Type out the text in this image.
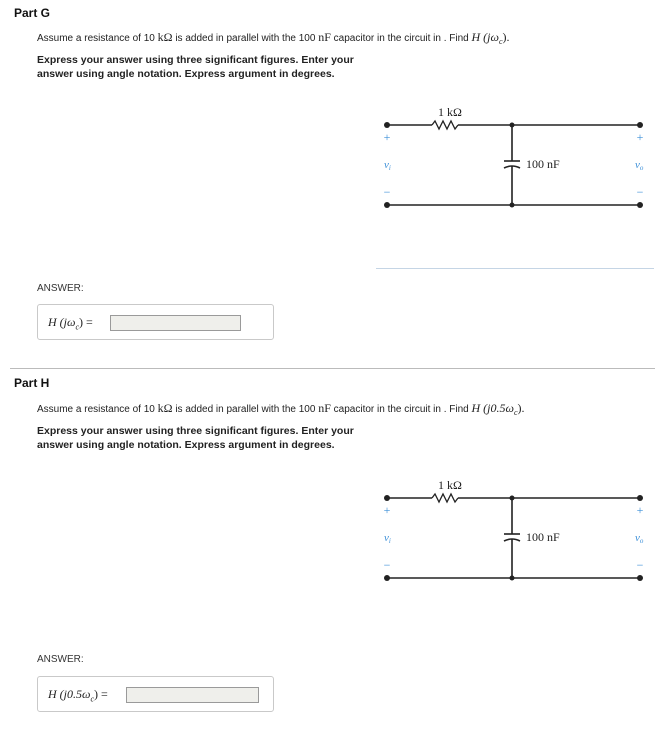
Part G
Assume a resistance of 10 kΩ is added in parallel with the 100 nF capacitor in the circuit in . Find H $(j\omega_c)$.
Express your answer using three significant figures. Enter your answer using angle notation. Express argument in degrees.
1 kΩ
100 nF
+
vi
−
+
vo
−
ANSWER:
H $(j\omega_c)$ =
Part H
Assume a resistance of 10 kΩ is added in parallel with the 100 nF capacitor in the circuit in . Find H $(j0.5\omega_c)$.
Express your answer using three significant figures. Enter your answer using angle notation. Express argument in degrees.
1 kΩ
100 nF
+
vi
−
+
vo
−
ANSWER:
H $(j0.5\omega_c)$ =
